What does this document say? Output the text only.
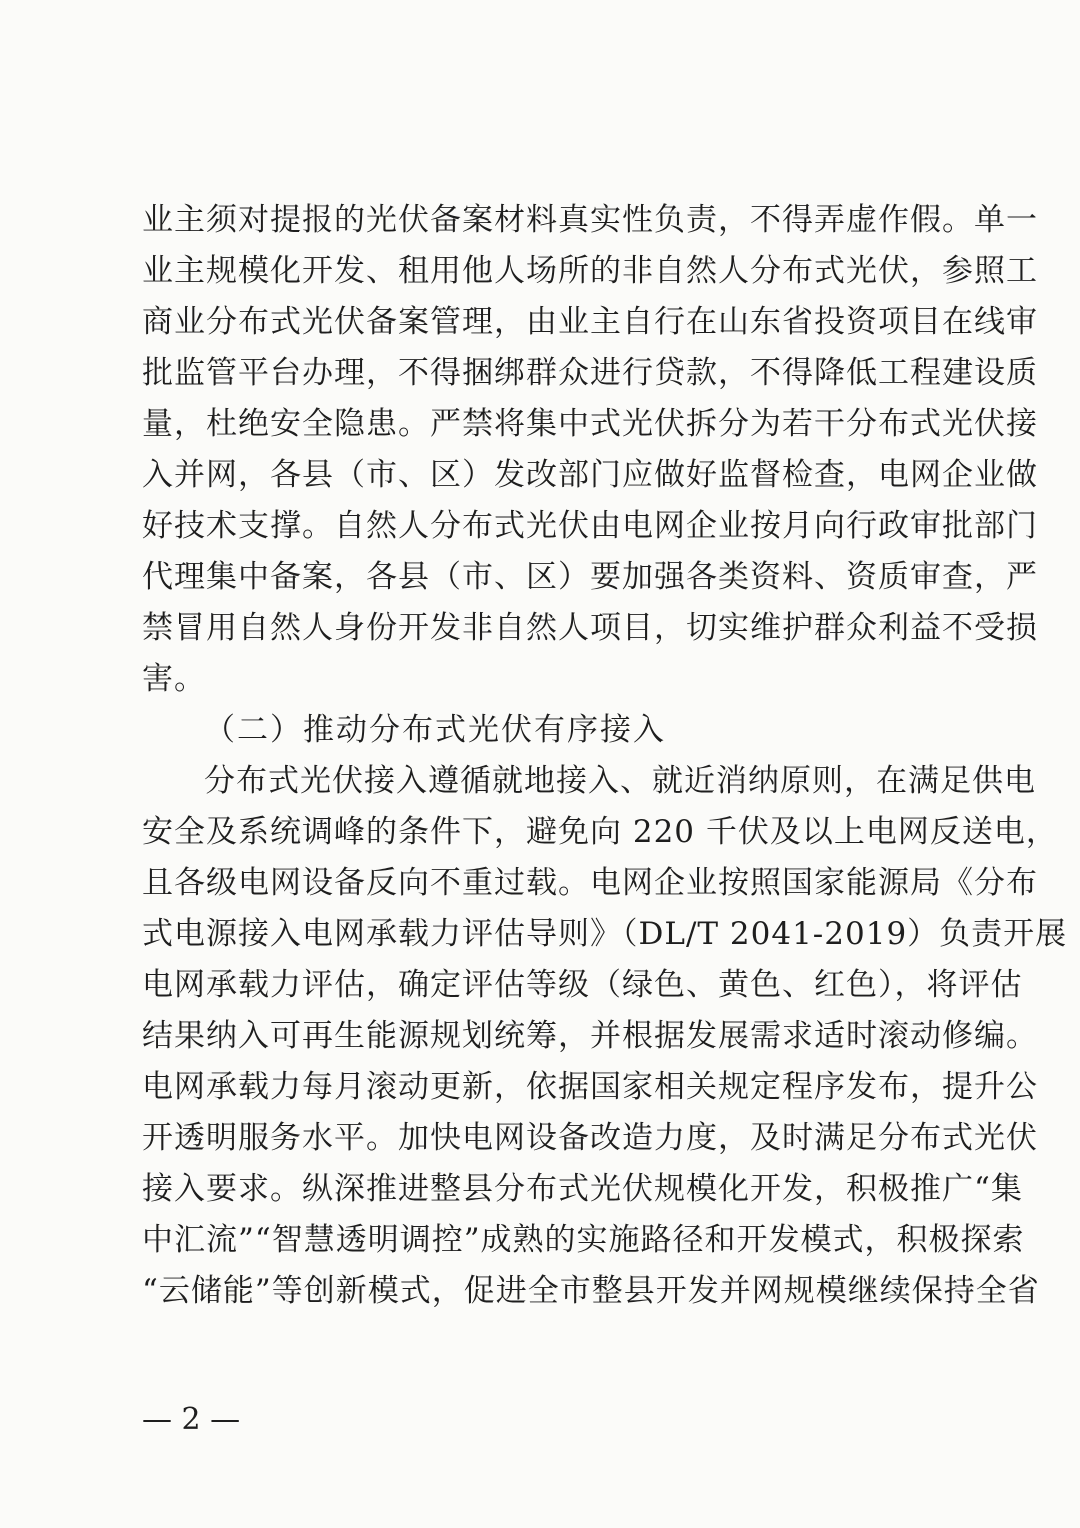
业主须对提报的光伏备案材料真实性负责，不得弄虚作假。单一
业主规模化开发、租用他人场所的非自然人分布式光伏，参照工
商业分布式光伏备案管理，由业主自行在山东省投资项目在线审
批监管平台办理，不得捆绑群众进行贷款，不得降低工程建设质
量，杜绝安全隐患。严禁将集中式光伏拆分为若干分布式光伏接
入并网，各县（市、区）发改部门应做好监督检查，电网企业做
好技术支撑。自然人分布式光伏由电网企业按月向行政审批部门
代理集中备案，各县（市、区）要加强各类资料、资质审查，严
禁冒用自然人身份开发非自然人项目，切实维护群众利益不受损
害。
（二）推动分布式光伏有序接入
分布式光伏接入遵循就地接入、就近消纳原则，在满足供电
安全及系统调峰的条件下，避免向 220 千伏及以上电网反送电，
且各级电网设备反向不重过载。电网企业按照国家能源局《分布
式电源接入电网承载力评估导则》（DL/T 2041-2019）负责开展
电网承载力评估，确定评估等级（绿色、黄色、红色），将评估
结果纳入可再生能源规划统筹，并根据发展需求适时滚动修编。
电网承载力每月滚动更新，依据国家相关规定程序发布，提升公
开透明服务水平。加快电网设备改造力度，及时满足分布式光伏
接入要求。纵深推进整县分布式光伏规模化开发，积极推广“集
中汇流”“智慧透明调控”成熟的实施路径和开发模式，积极探索
“云储能”等创新模式，促进全市整县开发并网规模继续保持全省
— 2 —
